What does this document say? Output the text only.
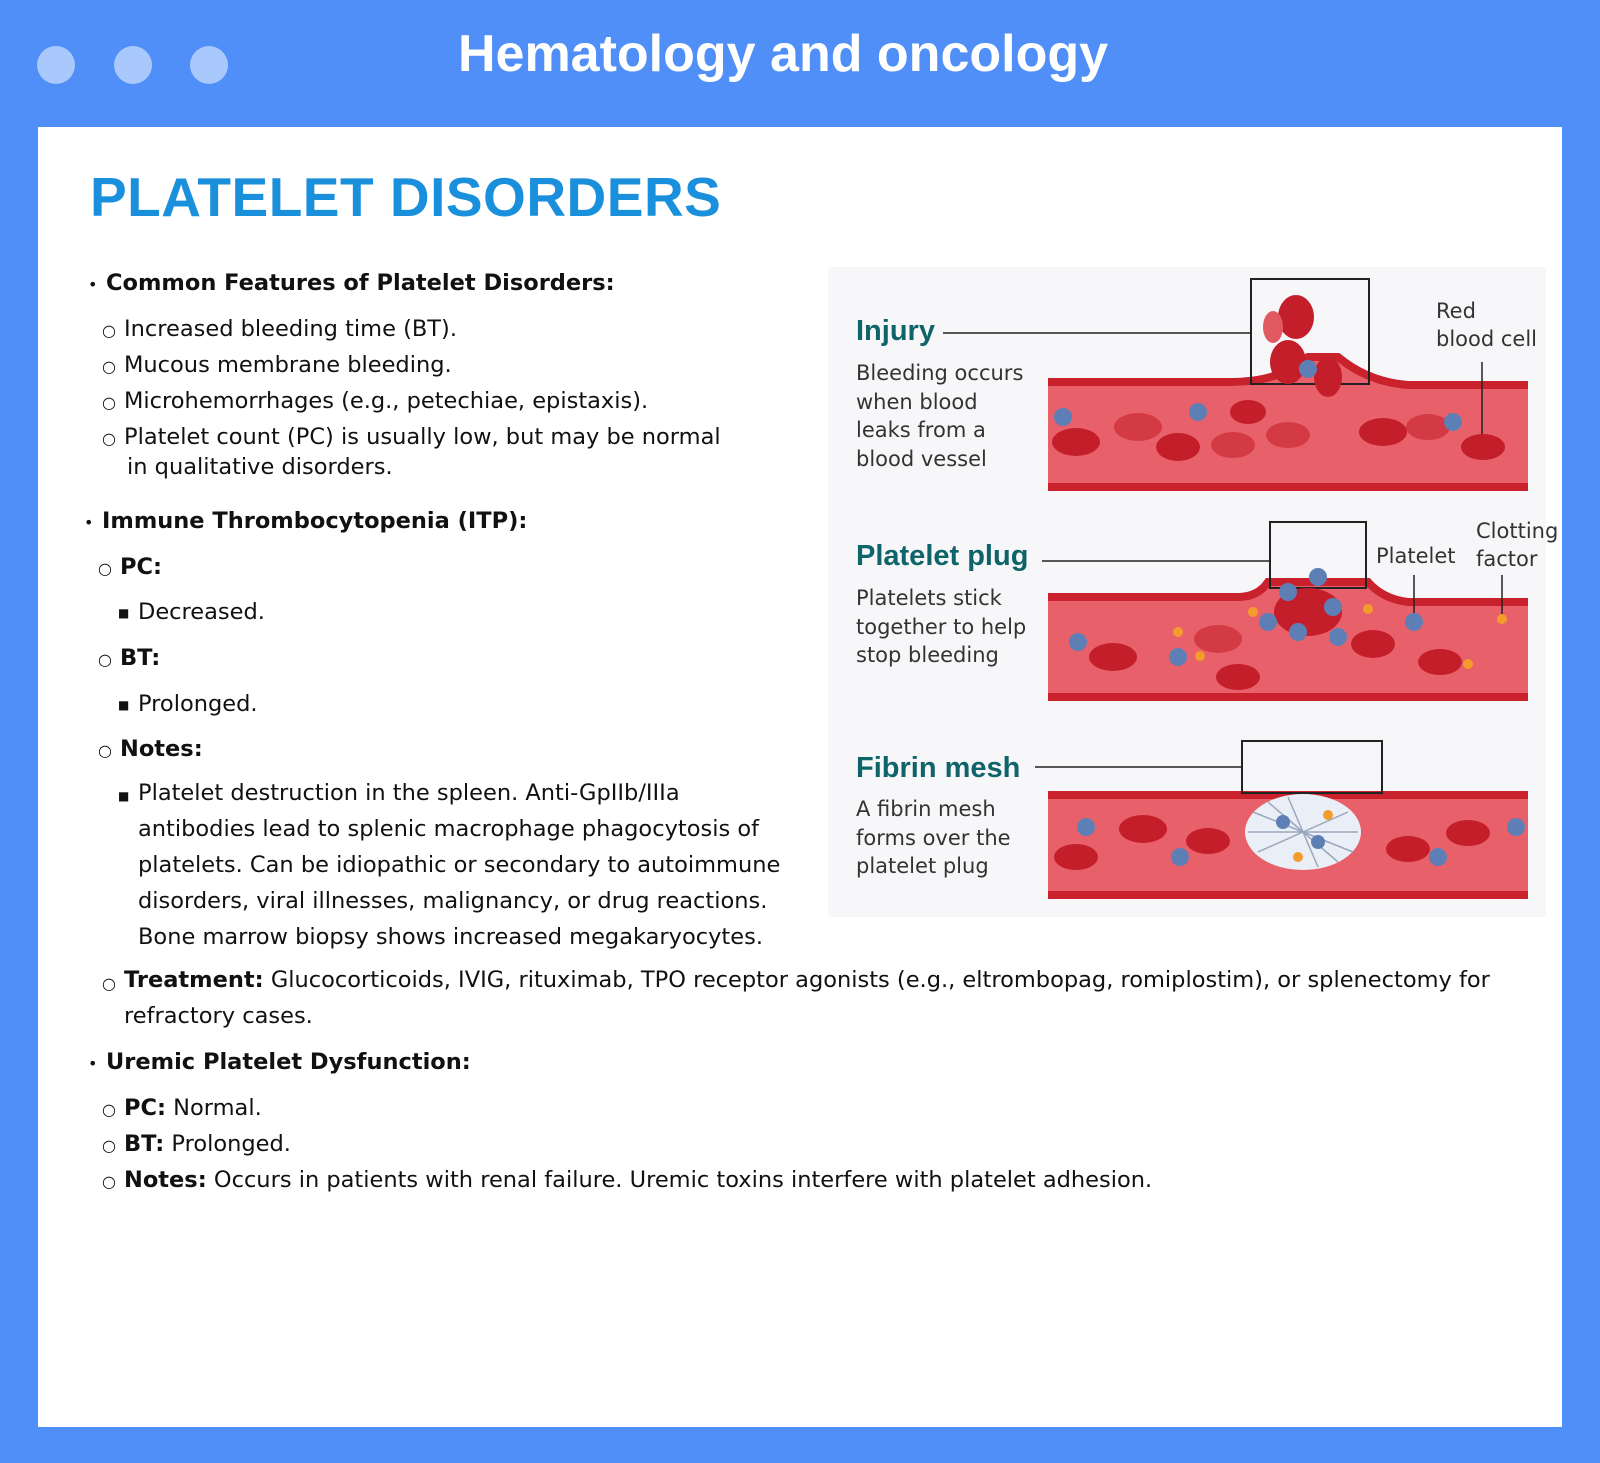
Hematology and oncology
PLATELET DISORDERS
• Common Features of Platelet Disorders:
○ Increased bleeding time (BT).
○ Mucous membrane bleeding.
○ Microhemorrhages (e.g., petechiae, epistaxis).
○ Platelet count (PC) is usually low, but may be normal
in qualitative disorders.
• Immune Thrombocytopenia (ITP):
○ PC:
■ Decreased.
○ BT:
■ Prolonged.
○ Notes:
■ Platelet destruction in the spleen. Anti-GpIIb/IIIa antibodies lead to splenic macrophage phagocytosis of platelets. Can be idiopathic or secondary to autoimmune disorders, viral illnesses, malignancy, or drug reactions. Bone marrow biopsy shows increased megakaryocytes.
○ Treatment: Glucocorticoids, IVIG, rituximab, TPO receptor agonists (e.g., eltrombopag, romiplostim), or splenectomy for refractory cases.
• Uremic Platelet Dysfunction:
○ PC: Normal.
○ BT: Prolonged.
○ Notes: Occurs in patients with renal failure. Uremic toxins interfere with platelet adhesion.
Injury
Bleeding occurs
when blood
leaks from a
blood vessel
Platelet plug
Platelets stick
together to help
stop bleeding
Fibrin mesh
A fibrin mesh
forms over the
platelet plug
Red
blood cell
Platelet
Clotting
factor
